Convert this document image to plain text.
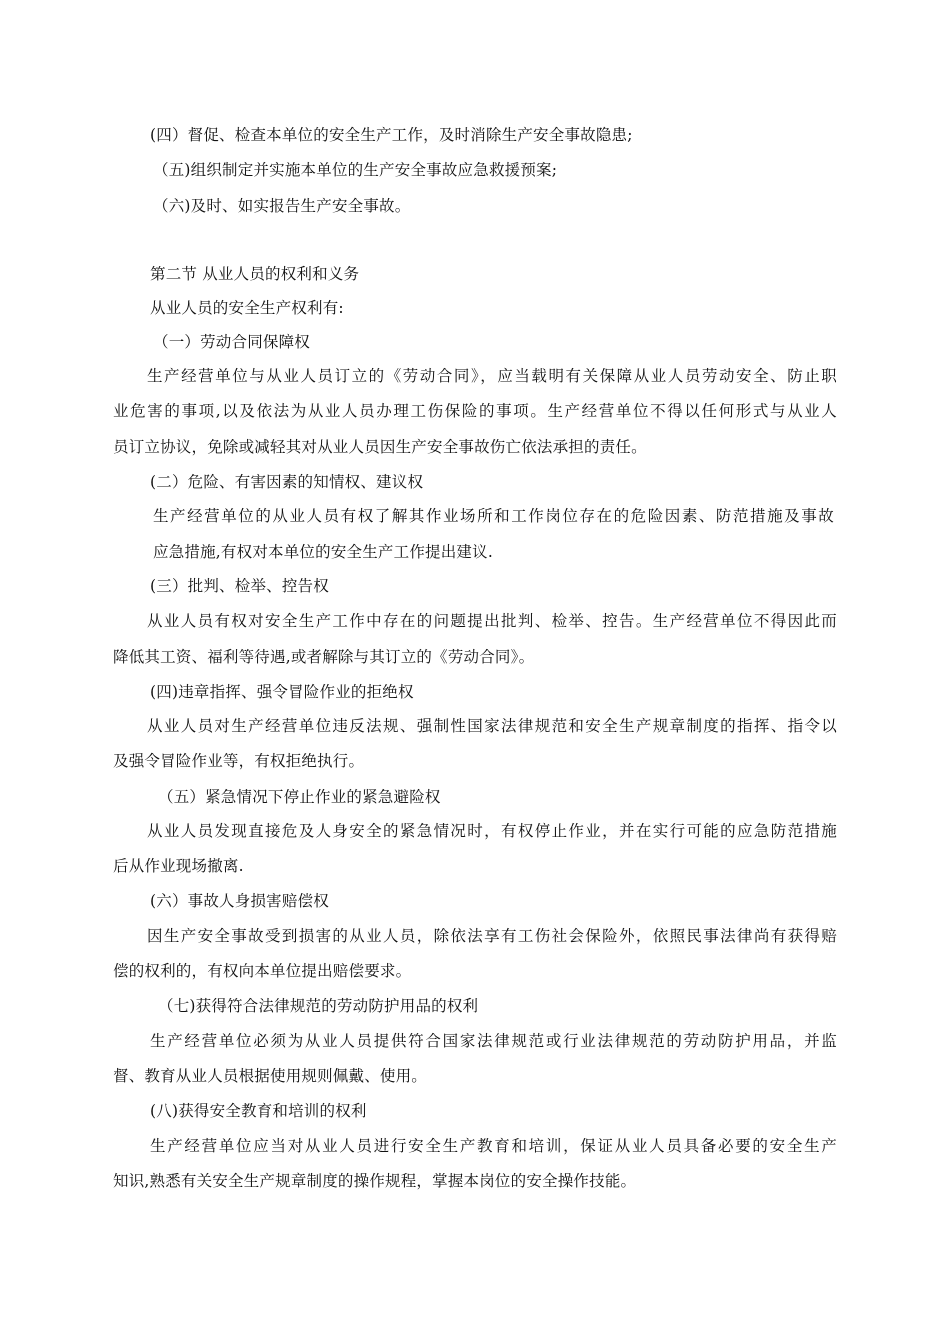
(四）督促、检查本单位的安全生产工作，及时消除生产安全事故隐患;
（五)组织制定并实施本单位的生产安全事故应急救援预案;
（六)及时、如实报告生产安全事故。
第二节 从业人员的权利和义务
从业人员的安全生产权利有:
（一）劳动合同保障权
生产经营单位与从业人员订立的《劳动合同》，应当载明有关保障从业人员劳动安全、防止职
业危害的事项,以及依法为从业人员办理工伤保险的事项。生产经营单位不得以任何形式与从业人
员订立协议，免除或减轻其对从业人员因生产安全事故伤亡依法承担的责任。
(二）危险、有害因素的知情权、建议权
生产经营单位的从业人员有权了解其作业场所和工作岗位存在的危险因素、防范措施及事故
应急措施,有权对本单位的安全生产工作提出建议.
(三）批判、检举、控告权
从业人员有权对安全生产工作中存在的问题提出批判、检举、控告。生产经营单位不得因此而
降低其工资、福利等待遇,或者解除与其订立的《劳动合同》。
(四)违章指挥、强令冒险作业的拒绝权
从业人员对生产经营单位违反法规、强制性国家法律规范和安全生产规章制度的指挥、指令以
及强令冒险作业等，有权拒绝执行。
（五）紧急情况下停止作业的紧急避险权
从业人员发现直接危及人身安全的紧急情况时，有权停止作业，并在实行可能的应急防范措施
后从作业现场撤离.
(六）事故人身损害赔偿权
因生产安全事故受到损害的从业人员，除依法享有工伤社会保险外，依照民事法律尚有获得赔
偿的权利的，有权向本单位提出赔偿要求。
（七)获得符合法律规范的劳动防护用品的权利
生产经营单位必须为从业人员提供符合国家法律规范或行业法律规范的劳动防护用品，并监
督、教育从业人员根据使用规则佩戴、使用。
(八)获得安全教育和培训的权利
生产经营单位应当对从业人员进行安全生产教育和培训，保证从业人员具备必要的安全生产
知识,熟悉有关安全生产规章制度的操作规程，掌握本岗位的安全操作技能。
